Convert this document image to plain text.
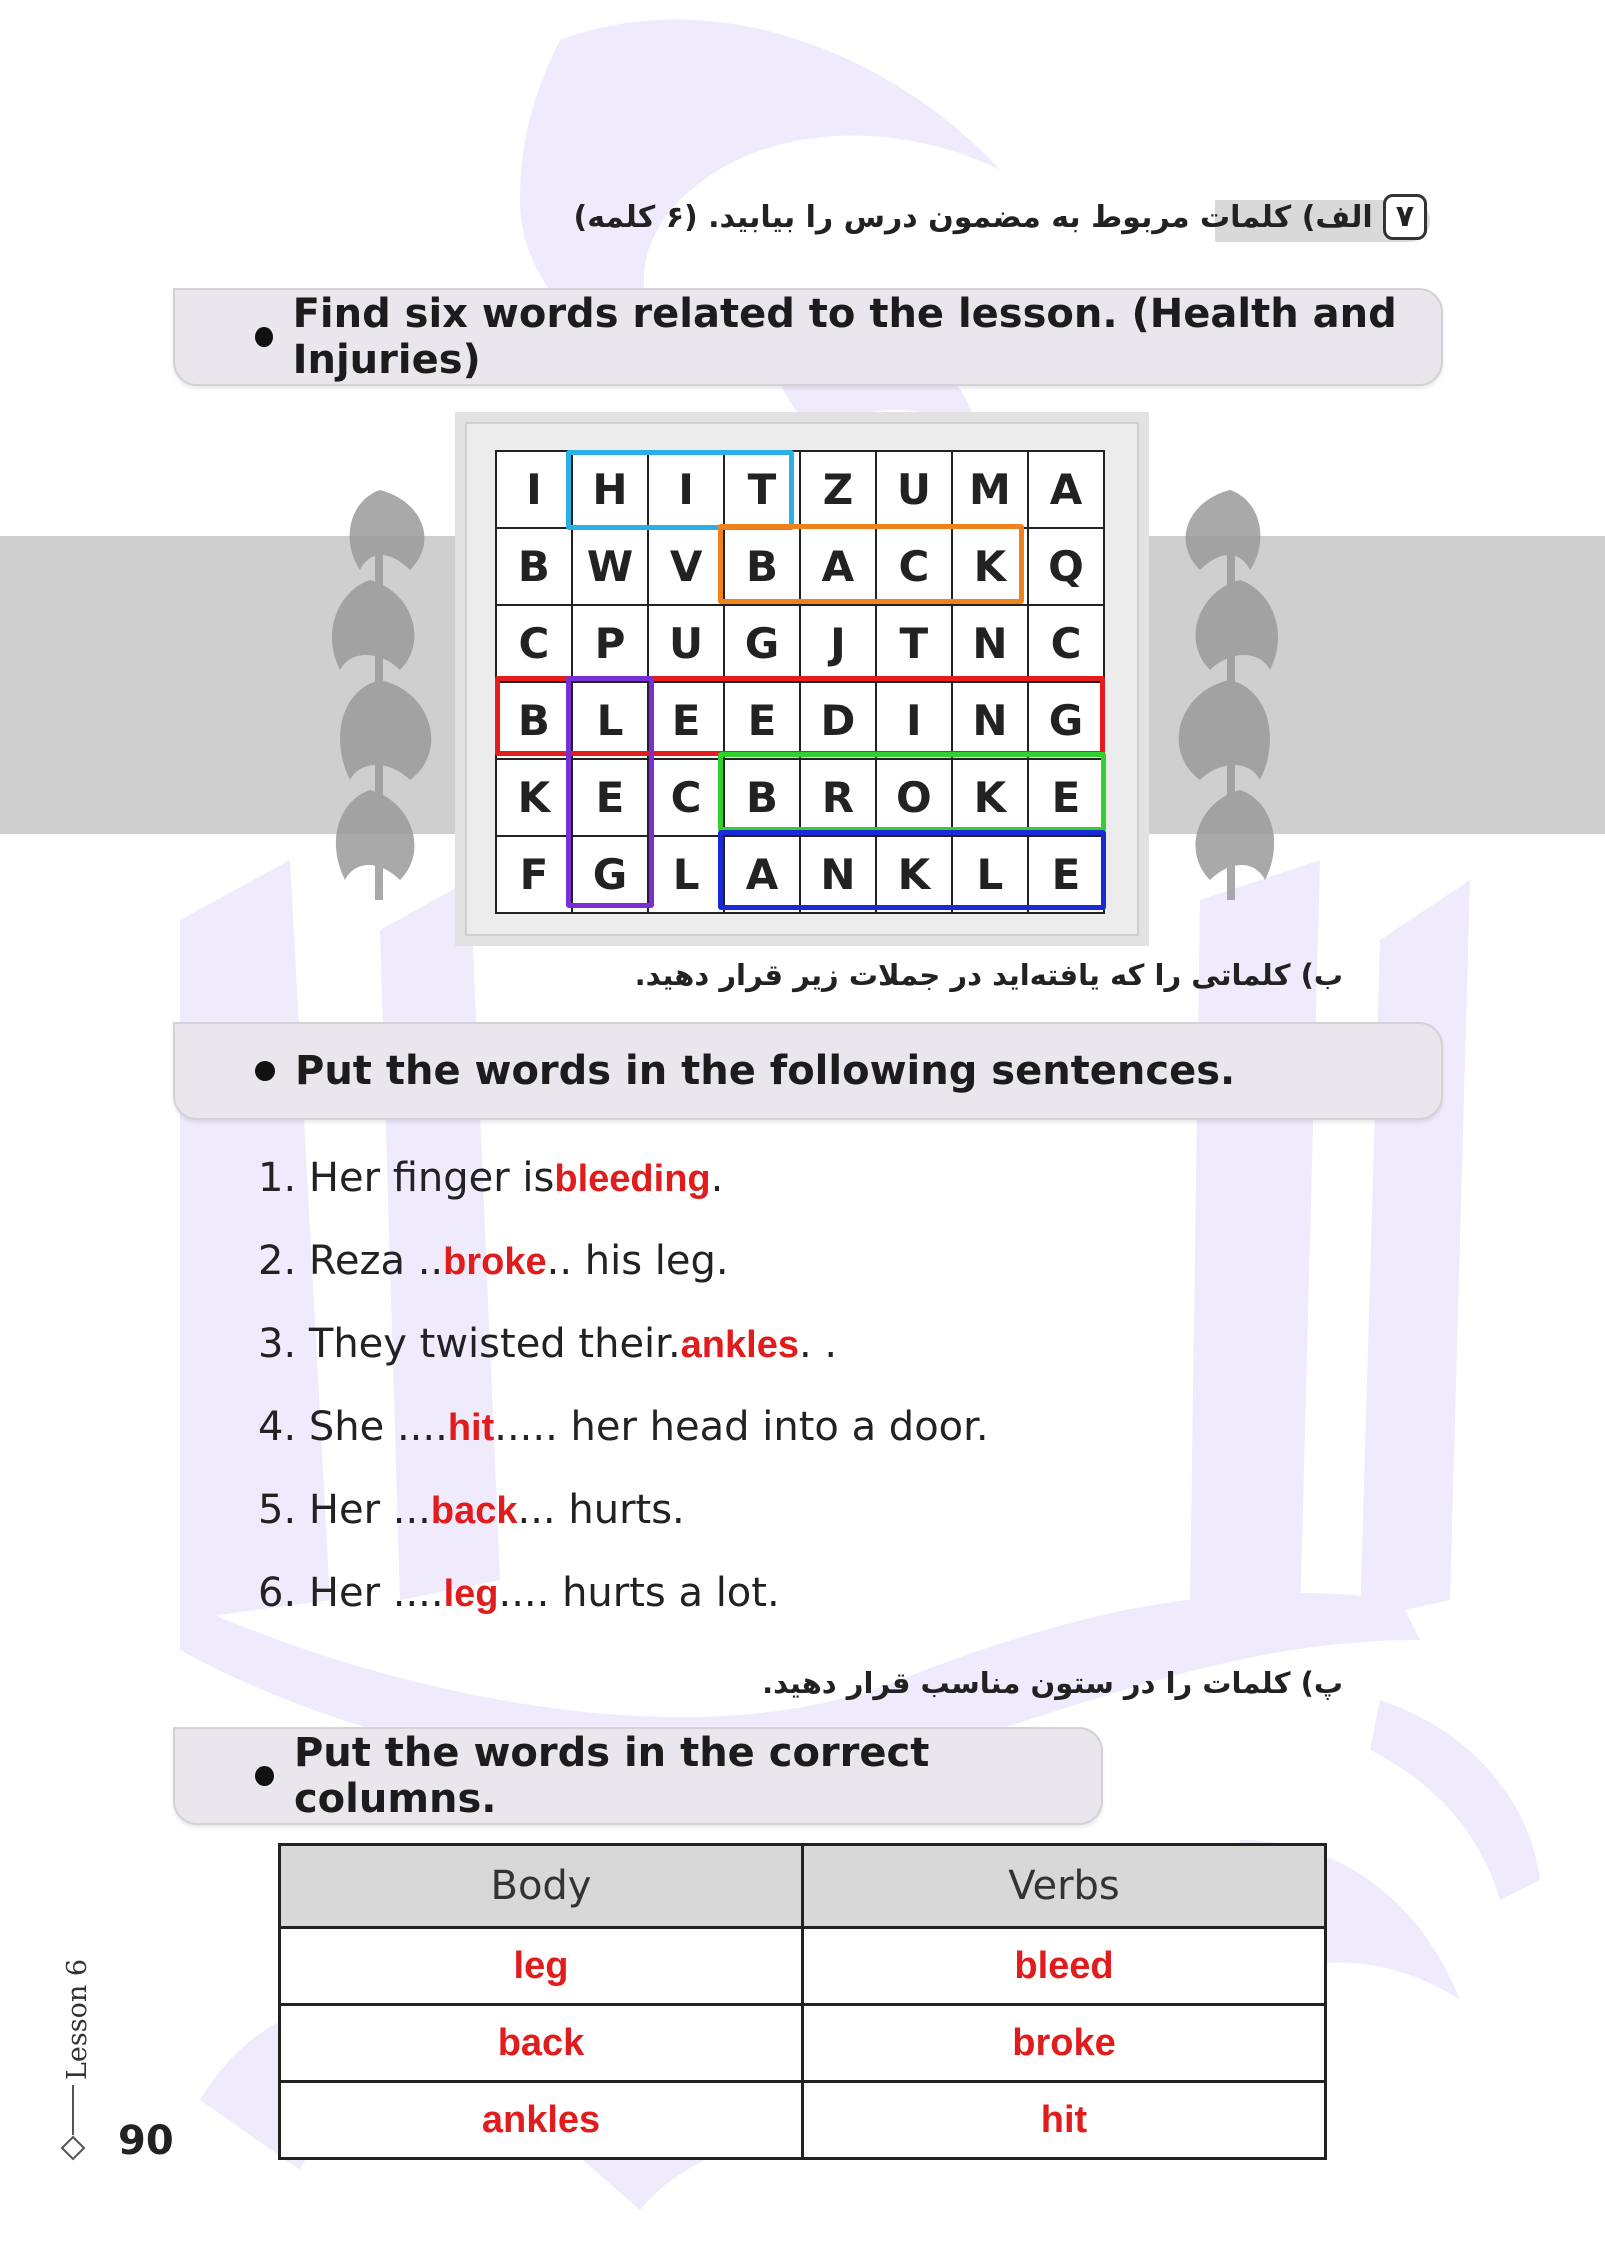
۷
الف) کلمات مربوط به مضمون درس را بیابید. (۶ کلمه)
Find six words related to the lesson. (Health and Injuries)
I	H	I	T	Z	U	M	A
B	W	V	B	A	C	K	Q
C	P	U	G	J	T	N	C
B	L	E	E	D	I	N	G
K	E	C	B	R	O	K	E
F	G	L	A	N	K	L	E
ب) کلماتی را که یافته‌اید در جملات زیر قرار دهید.
Put the words in the following sentences.
1. Her finger isbleeding.
2. Reza ..broke.. his leg.
3. They twisted their.ankles. .
4. She ....hit..... her head into a door.
5. Her ...back... hurts.
6. Her ....leg.... hurts a lot.
پ) کلمات را در ستون مناسب قرار دهید.
Put the words in the correct columns.
Body	Verbs
leg	bleed
back	broke
ankles	hit
Lesson 6
90
